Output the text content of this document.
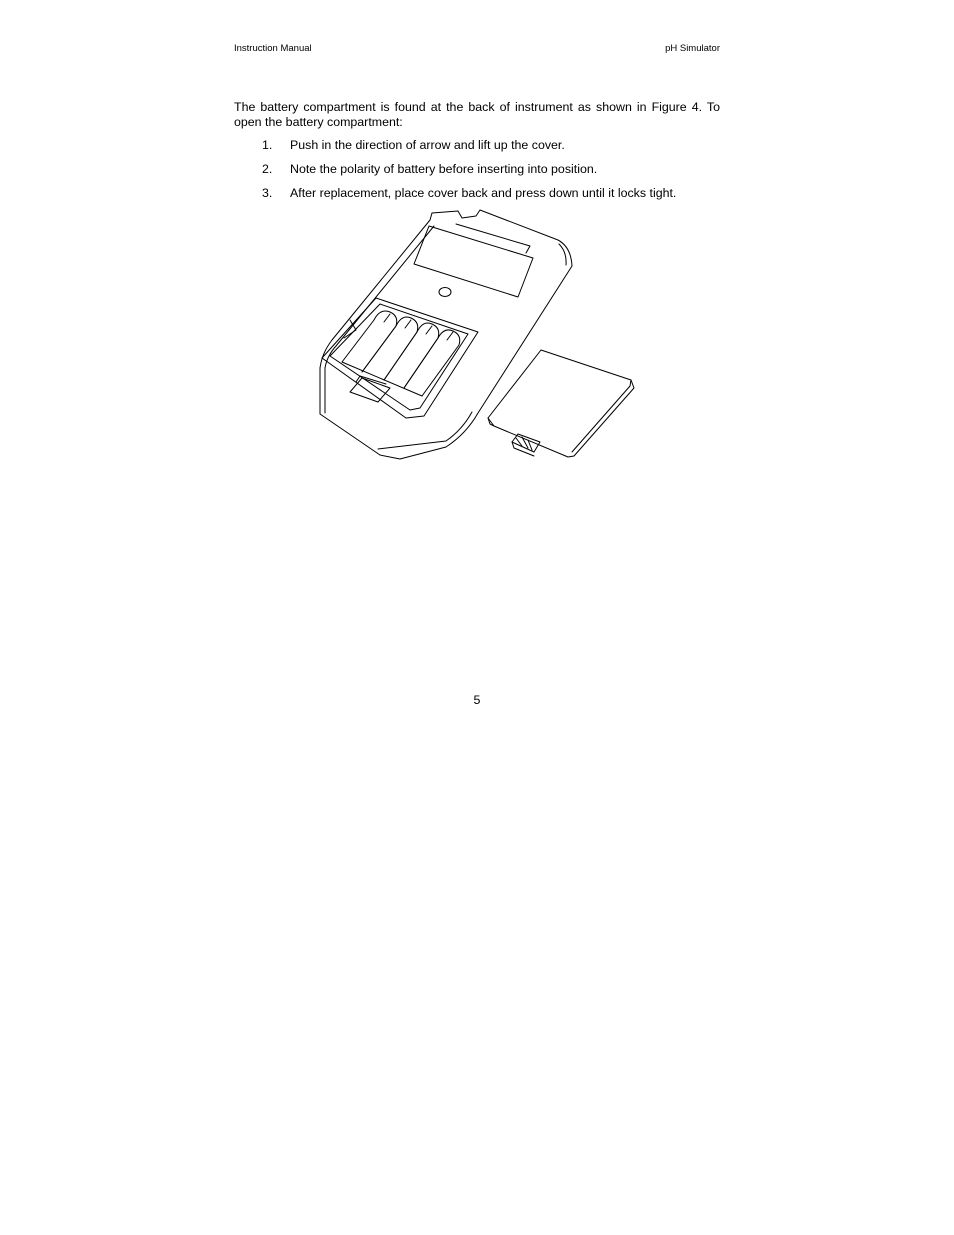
Instruction Manual	pH Simulator

The battery compartment is found at the back of instrument as shown in Figure 4. To open the battery compartment:

1. Push in the direction of arrow and lift up the cover.
2. Note the polarity of battery before inserting into position.
3. After replacement, place cover back and press down until it locks tight.
5
